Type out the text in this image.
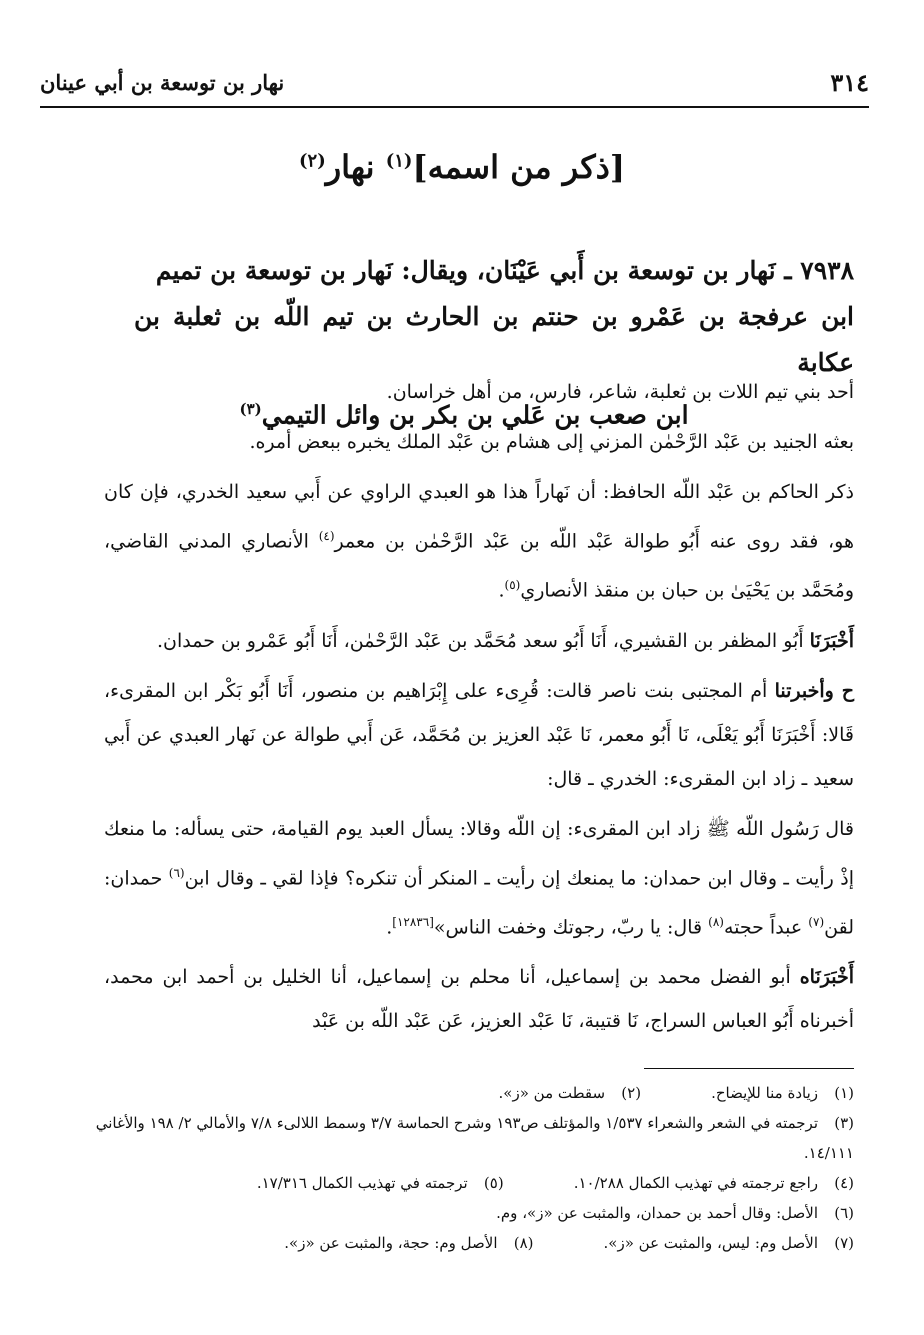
٣١٤
نهار بن توسعة بن أبي عينان
[ذكر من اسمه]$^{(١)}$ نهار$^{(٢)}$

٧٩٣٨ ـ نَهار بن توسعة بن أَبي عَيْنَان، ويقال: نَهار بن توسعة بن تميم

ابن عرفجة بن عَمْرو بن حنتم بن الحارث بن تيم اللّه بن ثعلبة بن عكابة

ابن صعب بن عَلي بن بكر بن وائل التيمي$^{(٣)}$

أحد بني تيم اللات بن ثعلبة، شاعر، فارس، من أهل خراسان.

بعثه الجنيد بن عَبْد الرَّحْمٰن المزني إلى هشام بن عَبْد الملك يخبره ببعض أمره.

ذكر الحاكم بن عَبْد اللّه الحافظ: أن نَهاراً هذا هو العبدي الراوي عن أَبي سعيد الخدري، فإن كان هو، فقد روى عنه أَبُو طوالة عَبْد اللّه بن عَبْد الرَّحْمٰن بن معمر$^{(٤)}$ الأنصاري المدني القاضي، ومُحَمَّد بن يَحْيَىٰ بن حبان بن منقذ الأنصاري$^{(٥)}$.

أَخْبَرَنَا أَبُو المظفر بن القشيري، أَنَا أَبُو سعد مُحَمَّد بن عَبْد الرَّحْمٰن، أَنَا أَبُو عَمْرو بن حمدان.

ح وأخبرتنا أم المجتبى بنت ناصر قالت: قُرِىء على إِبْرَاهيم بن منصور، أَنَا أَبُو بَكْر ابن المقرىء، قَالا: أَخْبَرَنَا أَبُو يَعْلَى، نَا أَبُو معمر، نَا عَبْد العزيز بن مُحَمَّد، عَن أَبي طوالة عن نَهار العبدي عن أَبي سعيد ـ زاد ابن المقرىء: الخدري ـ قال:

قال رَسُول اللّه ﷺ زاد ابن المقرىء: إن اللّه وقالا: يسأل العبد يوم القيامة، حتى يسأله: ما منعك إذْ رأيت ـ وقال ابن حمدان: ما يمنعك إن رأيت ـ المنكر أن تنكره؟ فإذا لقي ـ وقال ابن$^{(٦)}$ حمدان: لقن$^{(٧)}$ عبداً حجته$^{(٨)}$ قال: يا ربّ، رجوتك وخفت الناس»[١٢٨٣٦].

أَخْبَرَنَاه أبو الفضل محمد بن إسماعيل، أنا محلم بن إسماعيل، أنا الخليل بن أحمد ابن محمد، أخبرناه أَبُو العباس السراج، نَا قتيبة، نَا عَبْد العزيز، عَن عَبْد اللّه بن عَبْد

(١)زيادة منا للإيضاح.
(٢)سقطت من «ز».
(٣)ترجمته في الشعر والشعراء ١/٥٣٧ والمؤتلف ص١٩٣ وشرح الحماسة ٣/٧ وسمط اللالىء ٧/٨ والأمالي ٢/ ١٩٨ والأغاني ١٤/١١١.
(٤)راجع ترجمته في تهذيب الكمال ١٠/٢٨٨.
(٥)ترجمته في تهذيب الكمال ١٧/٣١٦.
(٦)الأصل: وقال أحمد بن حمدان، والمثبت عن «ز»، وم.
(٧)الأصل وم: ليس، والمثبت عن «ز».
(٨)الأصل وم: حجة، والمثبت عن «ز».
